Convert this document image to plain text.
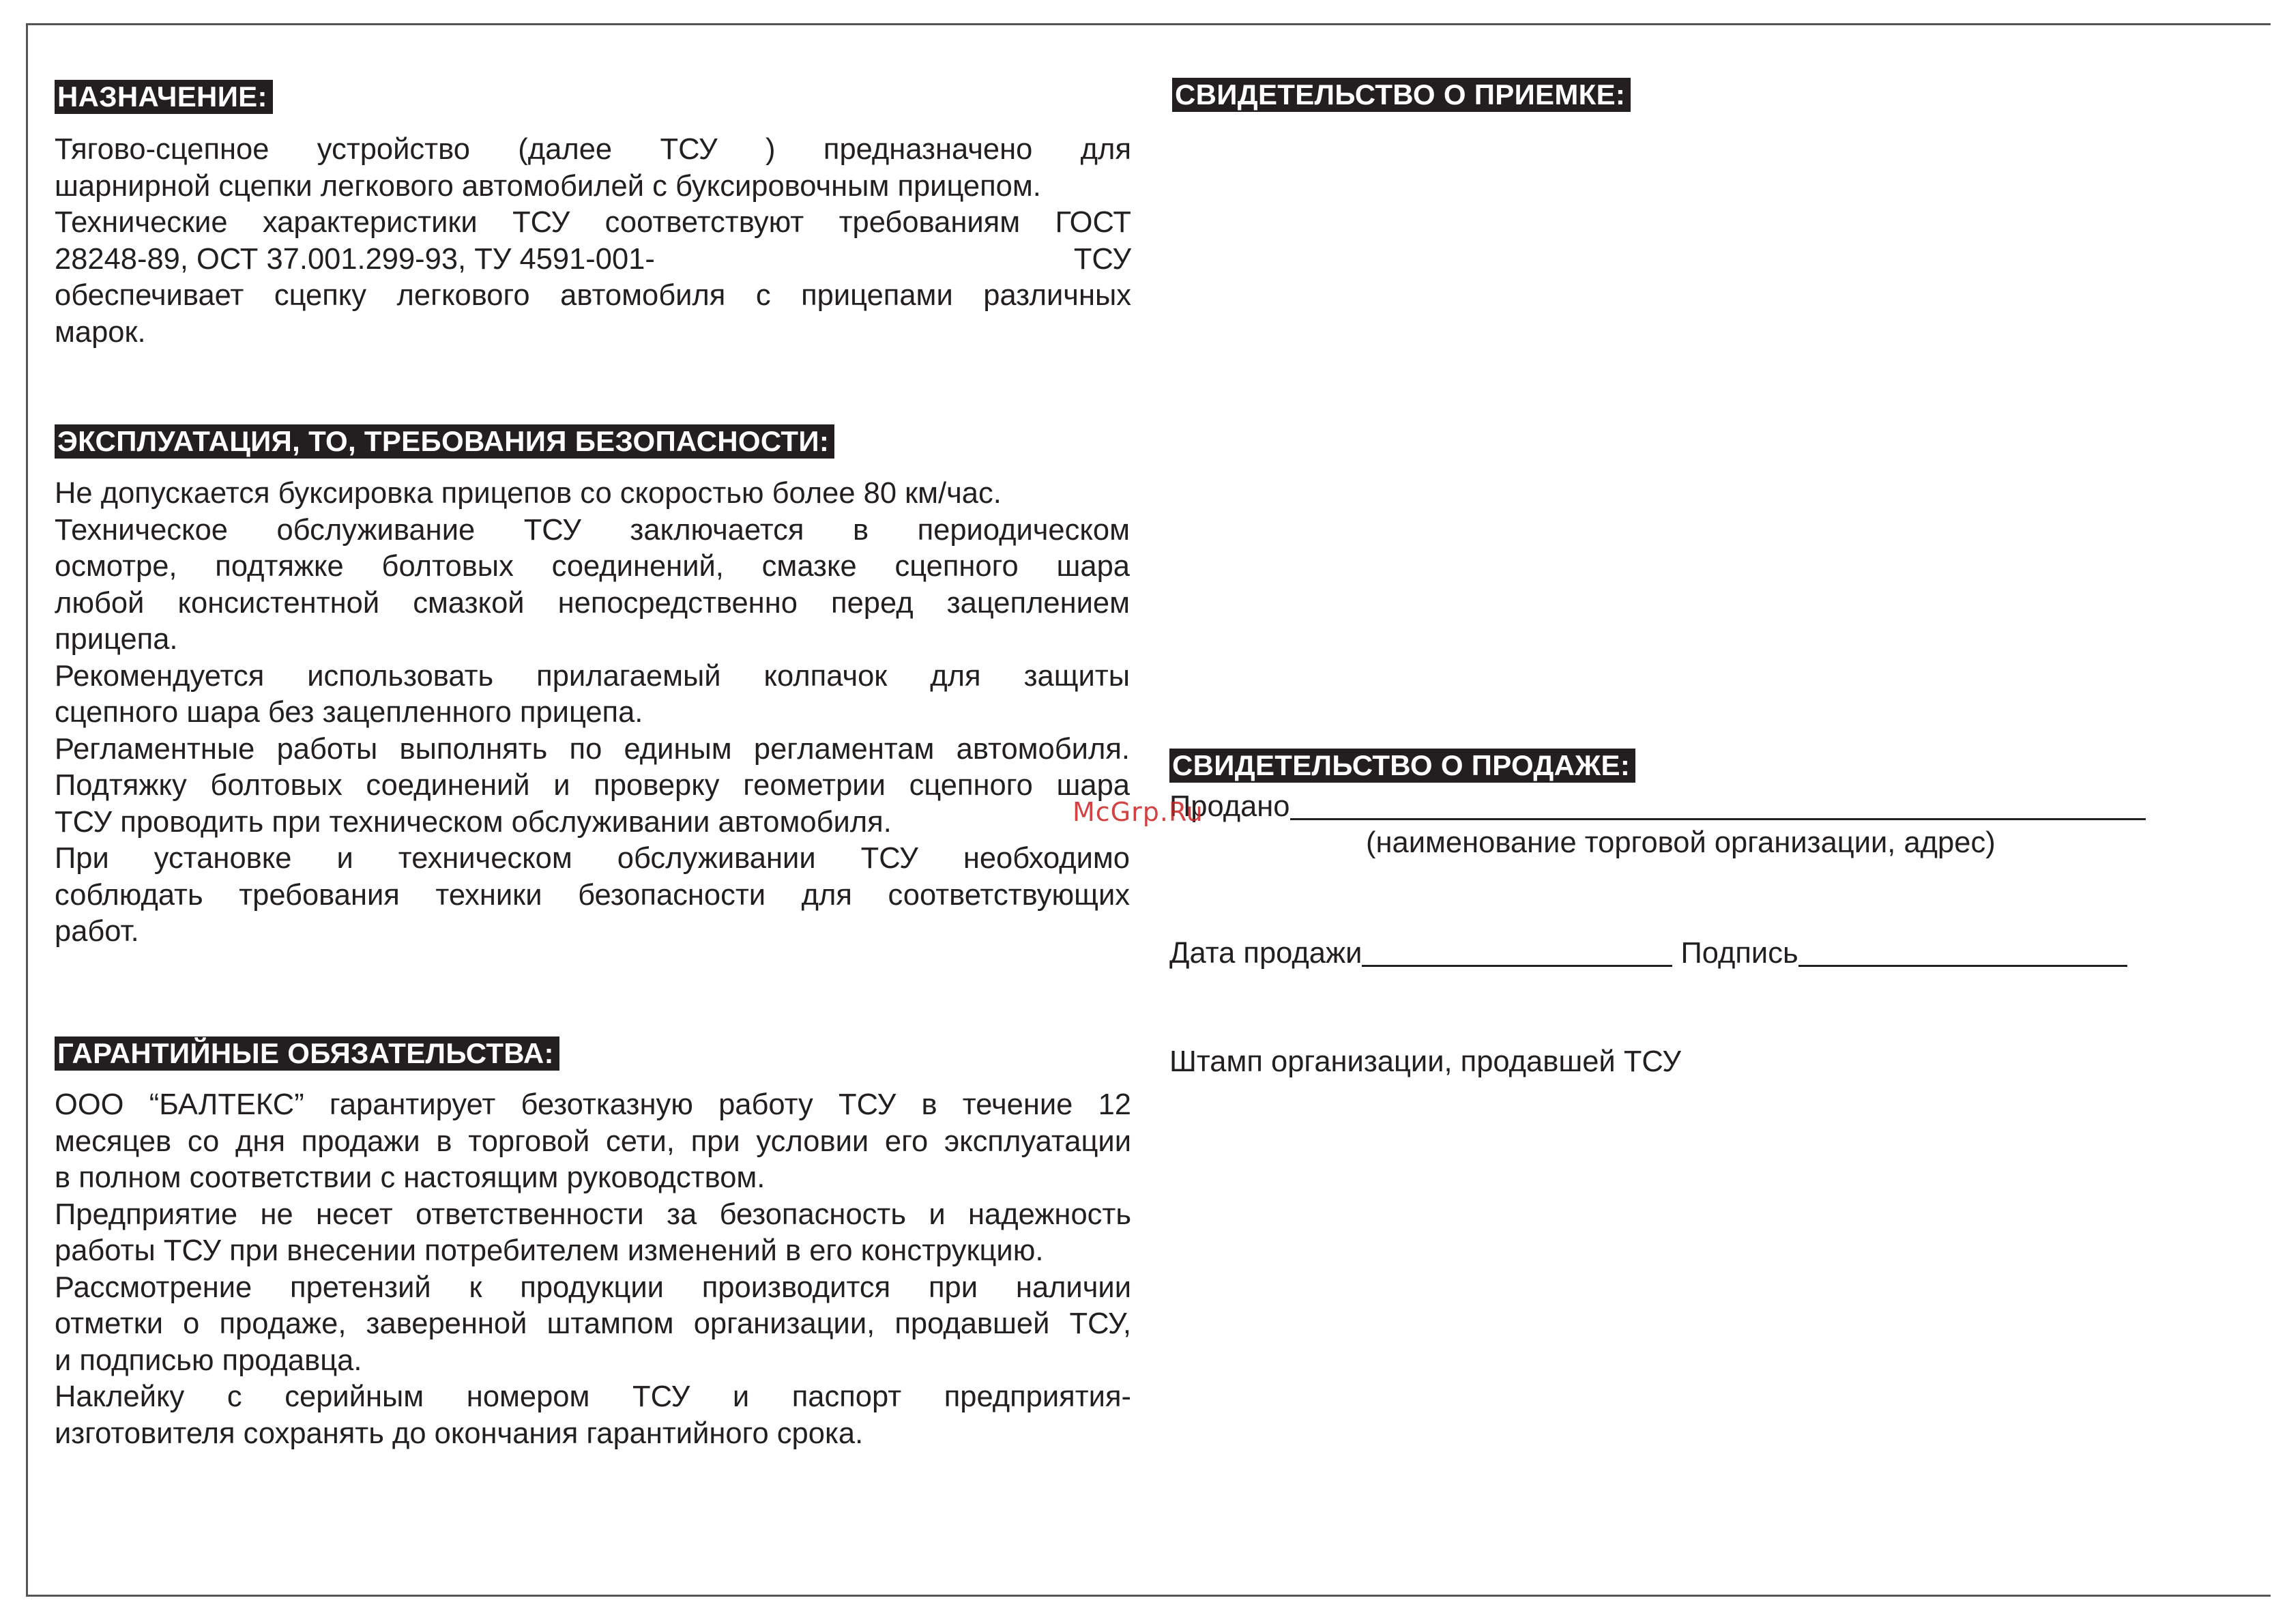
НАЗНАЧЕНИЕ:
Тягово-сцепное устройство (далее ТСУ ) предназначено для
шарнирной сцепки легкового автомобилей с буксировочным прицепом.
Технические характеристики ТСУ соответствуют требованиям ГОСТ
28248-89, ОСТ 37.001.299-93, ТУ 4591-001-	ТСУ
обеспечивает сцепку легкового автомобиля с прицепами различных
марок.
ЭКСПЛУАТАЦИЯ, ТО, ТРЕБОВАНИЯ БЕЗОПАСНОСТИ:
Не допускается буксировка прицепов со скоростью более 80 км/час.
Техническое обслуживание ТСУ заключается в периодическом
осмотре, подтяжке болтовых соединений, смазке сцепного шара
любой консистентной смазкой непосредственно перед зацеплением
прицепа.
Рекомендуется использовать прилагаемый колпачок для защиты
сцепного шара без зацепленного прицепа.
Регламентные работы выполнять по единым регламентам автомобиля.
Подтяжку болтовых соединений и проверку геометрии сцепного шара
ТСУ проводить при техническом обслуживании автомобиля.
При установке и техническом обслуживании ТСУ необходимо
соблюдать требования техники безопасности для соответствующих
работ.
ГАРАНТИЙНЫЕ ОБЯЗАТЕЛЬСТВА:
ООО “БАЛТЕКС” гарантирует безотказную работу ТСУ в течение 12
месяцев со дня продажи в торговой сети, при условии его эксплуатации
в полном соответствии с настоящим руководством.
Предприятие не несет ответственности за безопасность и надежность
работы ТСУ при внесении потребителем изменений в его конструкцию.
Рассмотрение претензий к продукции производится при наличии
отметки о продаже, заверенной штампом организации, продавшей ТСУ,
и подписью продавца.
Наклейку с серийным номером ТСУ и паспорт предприятия-
изготовителя сохранять до окончания гарантийного срока.
СВИДЕТЕЛЬСТВО О ПРИЕМКЕ:
СВИДЕТЕЛЬСТВО О ПРОДАЖЕ:
Продано
(наименование торговой организации, адрес)
Дата продажи	Подпись
Штамп организации, продавшей ТСУ
McGrp.Ru
